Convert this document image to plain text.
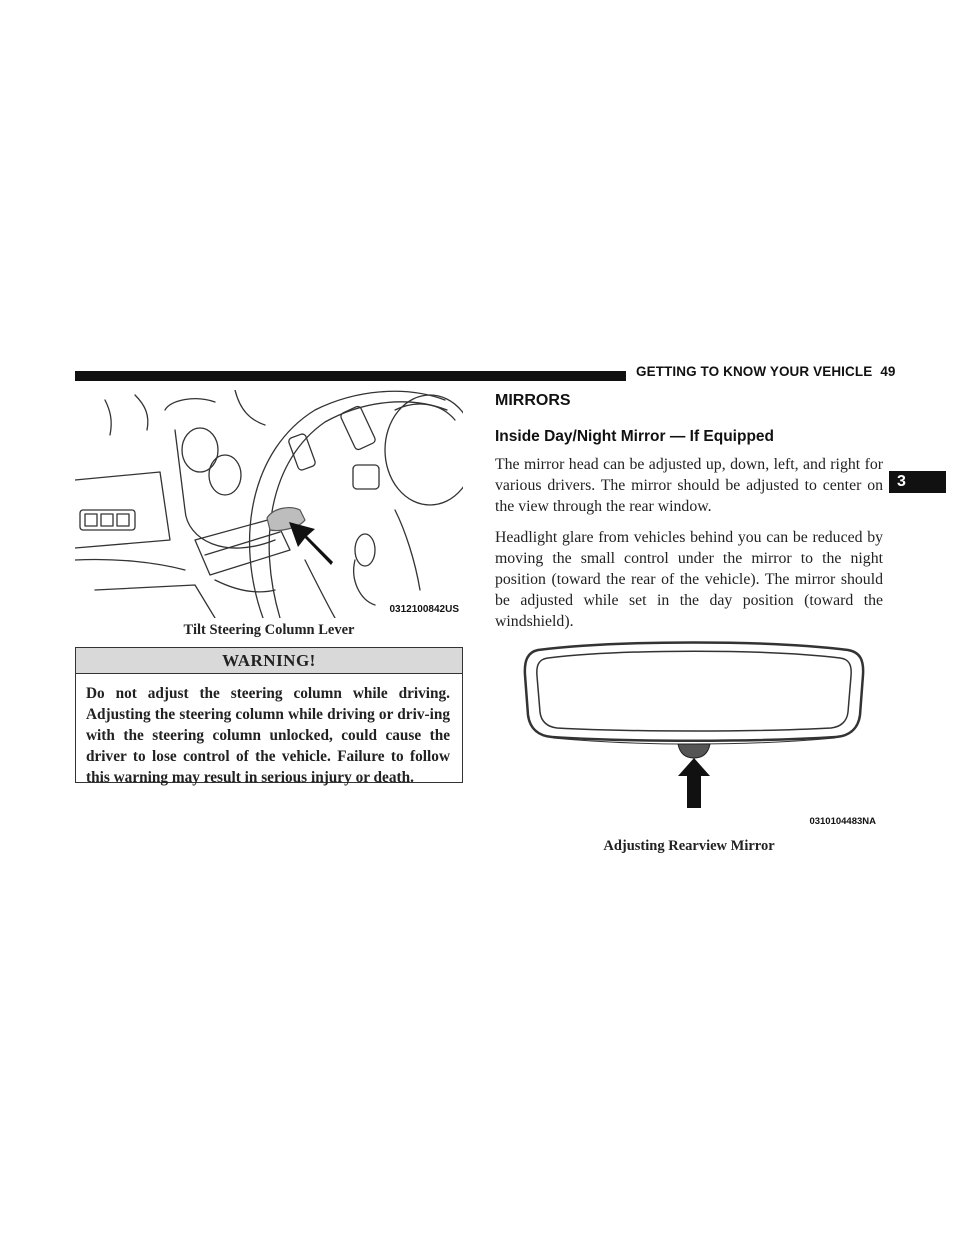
GETTING TO KNOW YOUR VEHICLE 49
3
0312100842US
Tilt Steering Column Lever
WARNING!
Do not adjust the steering column while driving. Adjusting the steering column while driving or driv-ing with the steering column unlocked, could cause the driver to lose control of the vehicle. Failure to follow this warning may result in serious injury or death.
MIRRORS
Inside Day/Night Mirror — If Equipped

The mirror head can be adjusted up, down, left, and right for various drivers. The mirror should be adjusted to center on the view through the rear window.

Headlight glare from vehicles behind you can be reduced by moving the small control under the mirror to the night position (toward the rear of the vehicle). The mirror should be adjusted while set in the day position (toward the windshield).

0310104483NA
Adjusting Rearview Mirror
